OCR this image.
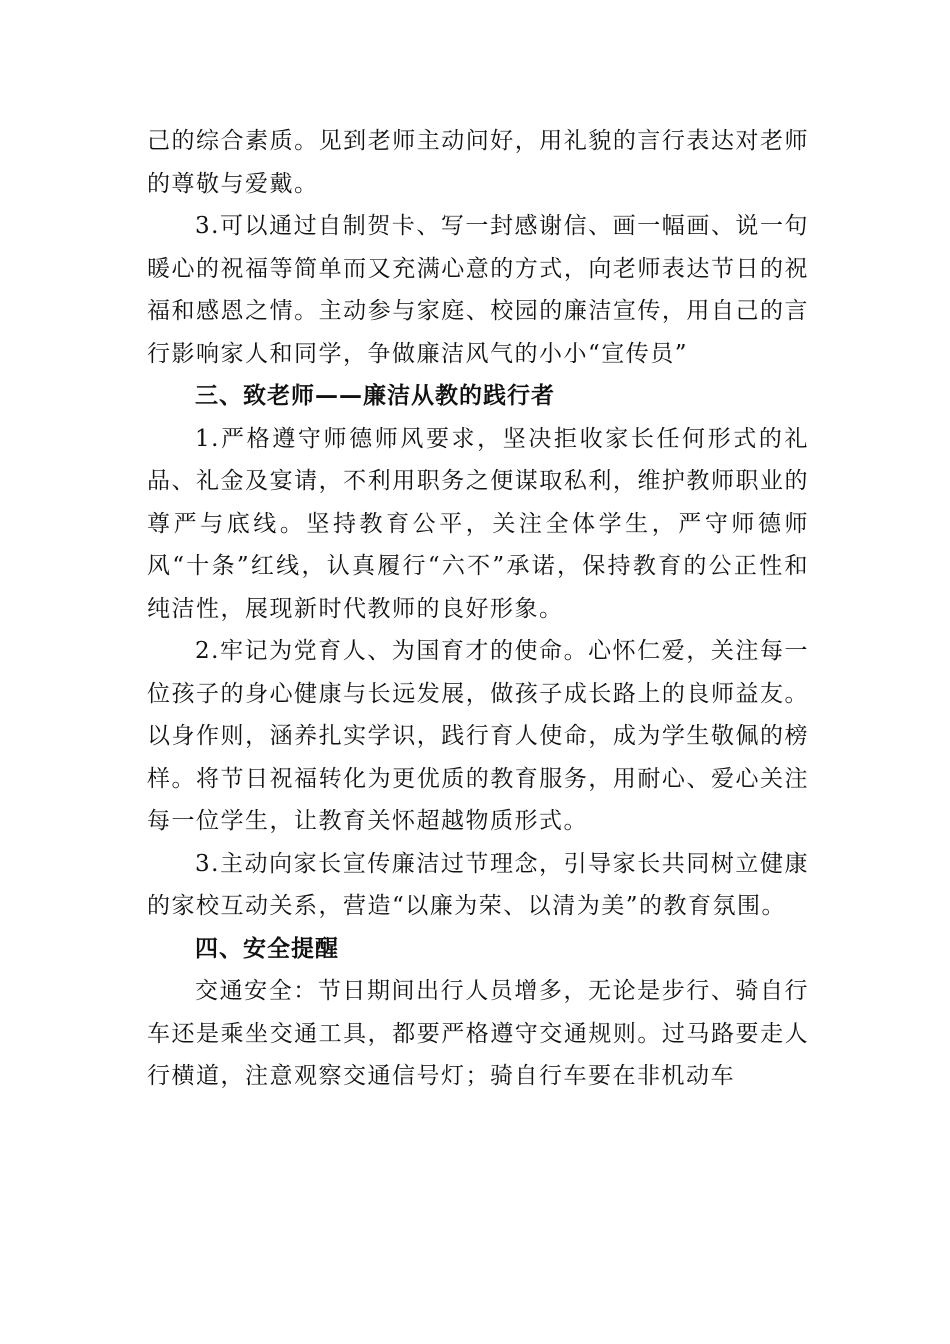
己的综合素质。见到老师主动问好，用礼貌的言行表达对老师的尊敬与爱戴。

3.可以通过自制贺卡、写一封感谢信、画一幅画、说一句暖心的祝福等简单而又充满心意的方式，向老师表达节日的祝福和感恩之情。主动参与家庭、校园的廉洁宣传，用自己的言行影响家人和同学，争做廉洁风气的小小“宣传员”

三、致老师——廉洁从教的践行者

1.严格遵守师德师风要求，坚决拒收家长任何形式的礼品、礼金及宴请，不利用职务之便谋取私利，维护教师职业的尊严与底线。坚持教育公平，关注全体学生，严守师德师风“十条”红线，认真履行“六不”承诺，保持教育的公正性和纯洁性，展现新时代教师的良好形象。

2.牢记为党育人、为国育才的使命。心怀仁爱，关注每一位孩子的身心健康与长远发展，做孩子成长路上的良师益友。以身作则，涵养扎实学识，践行育人使命，成为学生敬佩的榜样。将节日祝福转化为更优质的教育服务，用耐心、爱心关注每一位学生，让教育关怀超越物质形式。

3.主动向家长宣传廉洁过节理念，引导家长共同树立健康的家校互动关系，营造“以廉为荣、以清为美”的教育氛围。

四、安全提醒

交通安全：节日期间出行人员增多，无论是步行、骑自行车还是乘坐交通工具，都要严格遵守交通规则。过马路要走人行横道，注意观察交通信号灯；骑自行车要在非机动车
